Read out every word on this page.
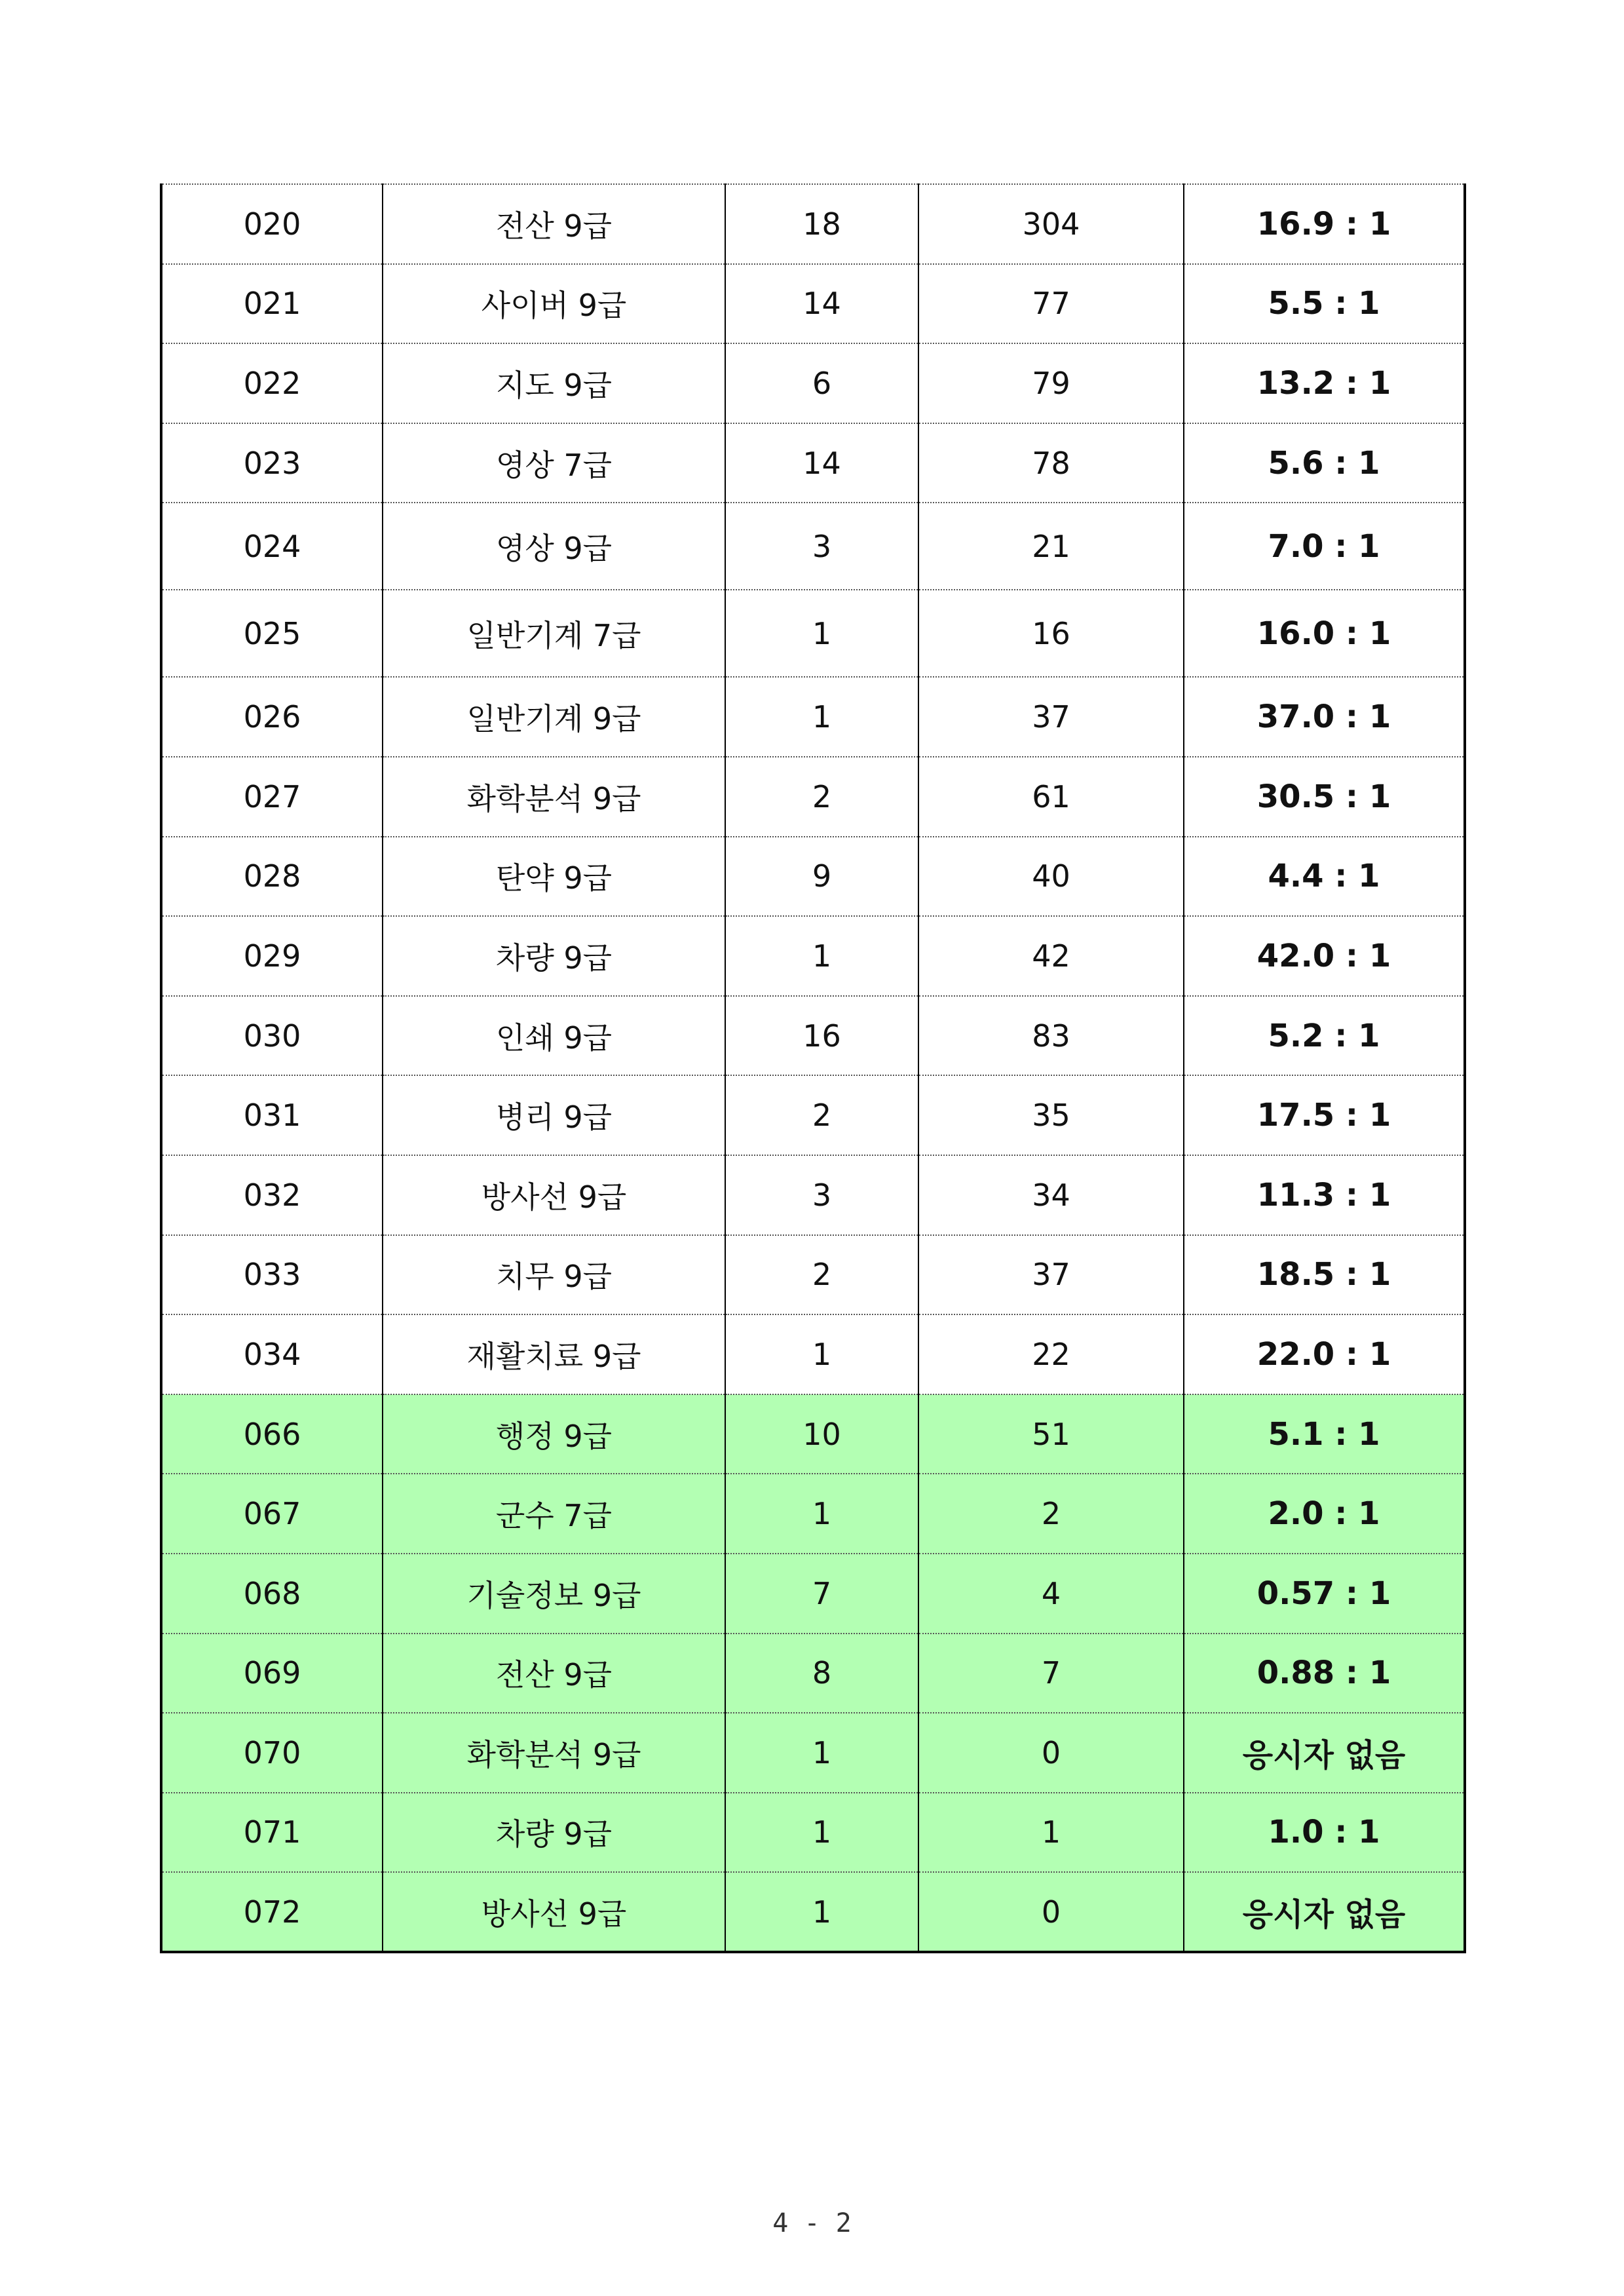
020	전산 9급	18	304	16.9 : 1
021	사이버 9급	14	77	5.5 : 1
022	지도 9급	6	79	13.2 : 1
023	영상 7급	14	78	5.6 : 1
024	영상 9급	3	21	7.0 : 1
025	일반기계 7급	1	16	16.0 : 1
026	일반기계 9급	1	37	37.0 : 1
027	화학분석 9급	2	61	30.5 : 1
028	탄약 9급	9	40	4.4 : 1
029	차량 9급	1	42	42.0 : 1
030	인쇄 9급	16	83	5.2 : 1
031	병리 9급	2	35	17.5 : 1
032	방사선 9급	3	34	11.3 : 1
033	치무 9급	2	37	18.5 : 1
034	재활치료 9급	1	22	22.0 : 1
066	행정 9급	10	51	5.1 : 1
067	군수 7급	1	2	2.0 : 1
068	기술정보 9급	7	4	0.57 : 1
069	전산 9급	8	7	0.88 : 1
070	화학분석 9급	1	0	응시자 없음
071	차량 9급	1	1	1.0 : 1
072	방사선 9급	1	0	응시자 없음
4 - 2
